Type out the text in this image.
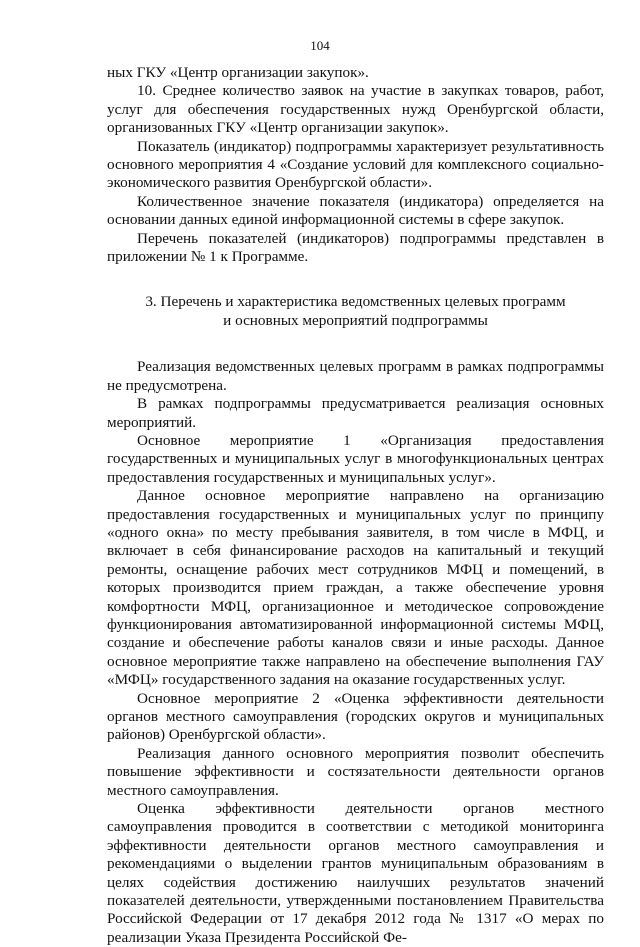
104

ных ГКУ «Центр организации закупок».

10. Среднее количество заявок на участие в закупках товаров, работ, услуг для обеспечения государственных нужд Оренбургской области, организованных ГКУ «Центр организации закупок».

Показатель (индикатор) подпрограммы характеризует результативность основного мероприятия 4 «Создание условий для комплексного социально-экономического развития Оренбургской области».

Количественное значение показателя (индикатора) определяется на основании данных единой информационной системы в сфере закупок.

Перечень показателей (индикаторов) подпрограммы представлен в приложении № 1 к Программе.

3. Перечень и характеристика ведомственных целевых программ
и основных мероприятий подпрограммы

Реализация ведомственных целевых программ в рамках подпрограммы не предусмотрена.

В рамках подпрограммы предусматривается реализация основных мероприятий.

Основное мероприятие 1 «Организация предоставления государственных и муниципальных услуг в многофункциональных центрах предоставления государственных и муниципальных услуг».

Данное основное мероприятие направлено на организацию предоставления государственных и муниципальных услуг по принципу «одного окна» по месту пребывания заявителя, в том числе в МФЦ, и включает в себя финансирование расходов на капитальный и текущий ремонты, оснащение рабочих мест сотрудников МФЦ и помещений, в которых производится прием граждан, а также обеспечение уровня комфортности МФЦ, организационное и методическое сопровождение функционирования автоматизированной информационной системы МФЦ, создание и обеспечение работы каналов связи и иные расходы. Данное основное мероприятие также направлено на обеспечение выполнения ГАУ «МФЦ» государственного задания на оказание государственных услуг.

Основное мероприятие 2 «Оценка эффективности деятельности органов местного самоуправления (городских округов и муниципальных районов) Оренбургской области».

Реализация данного основного мероприятия позволит обеспечить повышение эффективности и состязательности деятельности органов местного самоуправления.

Оценка эффективности деятельности органов местного самоуправления проводится в соответствии с методикой мониторинга эффективности деятельности органов местного самоуправления и рекомендациями о выделении грантов муниципальным образованиям в целях содействия достижению наилучших результатов значений показателей деятельности, утвержденными постановлением Правительства Российской Федерации от 17 декабря 2012 года № 1317 «О мерах по реализации Указа Президента Российской Фе-
